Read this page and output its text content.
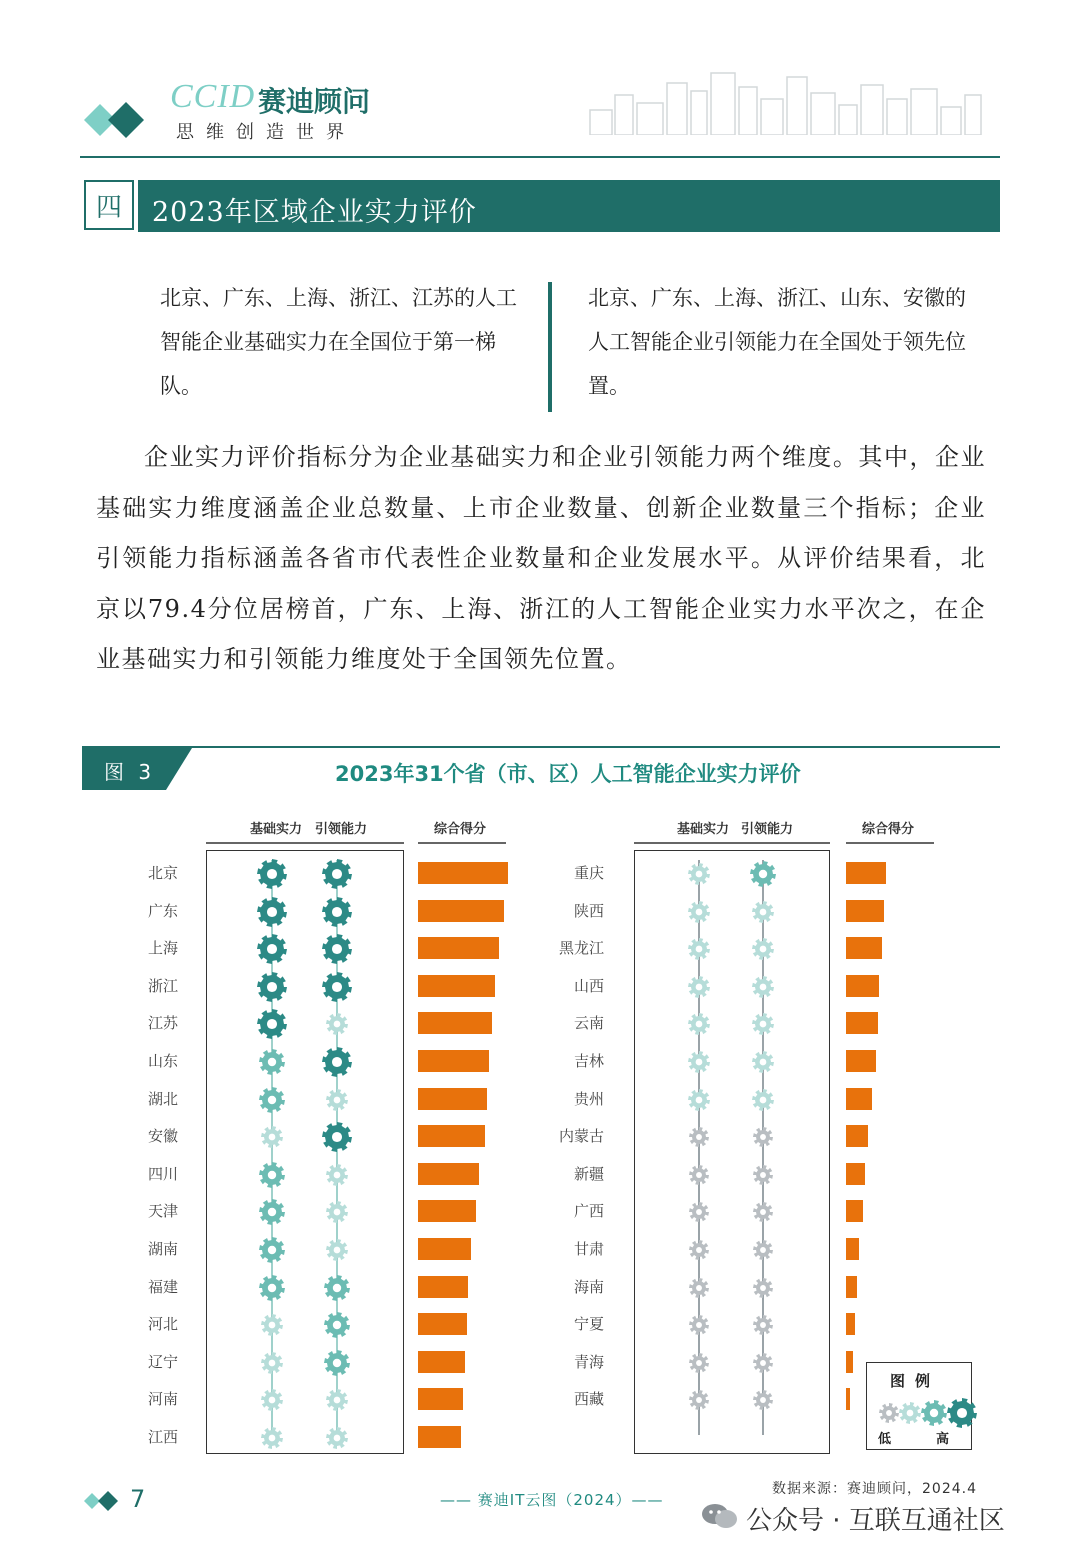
CCID 赛迪顾问
思维创造世界
四	2023年区域企业实力评价
北京、广东、上海、浙江、江苏的人工智能企业基础实力在全国位于第一梯队。
北京、广东、上海、浙江、山东、安徽的人工智能企业引领能力在全国处于领先位置。
企业实力评价指标分为企业基础实力和企业引领能力两个维度。其中，企业基础实力维度涵盖企业总数量、上市企业数量、创新企业数量三个指标；企业引领能力指标涵盖各省市代表性企业数量和企业发展水平。从评价结果看，北京以79.4分位居榜首，广东、上海、浙江的人工智能企业实力水平次之，在企业基础实力和引领能力维度处于全国领先位置。
图 3	2023年31个省（市、区）人工智能企业实力评价
基础实力 引领能力	综合得分
北京
广东
上海
浙江
江苏
山东
湖北
安徽
四川
天津
湖南
福建
河北
辽宁
河南
江西
基础实力 引领能力	综合得分
重庆
陕西
黑龙江
山西
云南
吉林
贵州
内蒙古
新疆
广西
甘肃
海南
宁夏
青海
西藏
图例
低	高
数据来源：赛迪顾问，2024.4
7	—— 赛迪IT云图（2024）——
公众号 · 互联互通社区
